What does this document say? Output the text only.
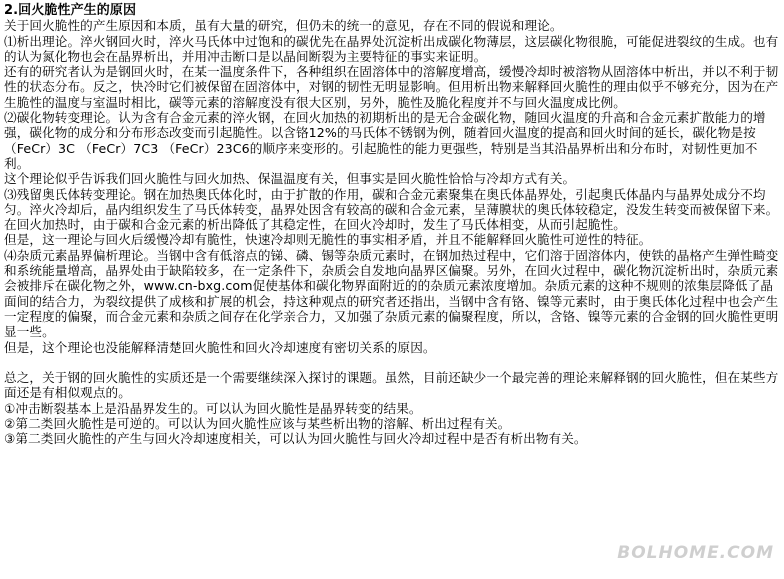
2.回火脆性产生的原因
关于回火脆性的产生原因和本质，虽有大量的研究，但仍未的统一的意见，存在不同的假说和理论。
⑴析出理论。淬火钢回火时，淬火马氏体中过饱和的碳优先在晶界处沉淀析出成碳化物薄层，这层碳化物很脆，可能促进裂纹的生成。也有的认为氮化物也会在晶界析出，并用冲击断口是以晶间断裂为主要特征的事实来证明。
还有的研究者认为是钢回火时，在某一温度条件下，各种组织在固溶体中的溶解度增高，缓慢冷却时被溶物从固溶体中析出，并以不利于韧性的状态分布。反之，快冷时它们被保留在固溶体中，对钢的韧性无明显影响。但用析出物来解释回火脆性的理由似乎不够充分，因为在产生脆性的温度与室温时相比，碳等元素的溶解度没有很大区别，另外，脆性及脆化程度并不与回火温度成比例。
⑵碳化物转变理论。认为含有合金元素的淬火钢，在回火加热的初期析出的是无合金碳化物，随回火温度的升高和合金元素扩散能力的增强，碳化物的成分和分布形态改变而引起脆性。以含铬12%的马氏体不锈钢为例，随着回火温度的提高和回火时间的延长，碳化物是按（FeCr）3C （FeCr）7C3 （FeCr）23C6的顺序来变形的。引起脆性的能力更强些，特别是当其沿晶界析出和分布时，对韧性更加不利。
这个理论似乎告诉我们回火脆性与回火加热、保温温度有关，但事实是回火脆性恰恰与冷却方式有关。
⑶残留奥氏体转变理论。钢在加热奥氏体化时，由于扩散的作用，碳和合金元素聚集在奥氏体晶界处，引起奥氏体晶内与晶界处成分不均匀。淬火冷却后，晶内组织发生了马氏体转变，晶界处因含有较高的碳和合金元素，呈薄膜状的奥氏体较稳定，没发生转变而被保留下来。在回火加热时，由于碳和合金元素的析出降低了其稳定性，在回火冷却时，发生了马氏体相变，从而引起脆性。
但是，这一理论与回火后缓慢冷却有脆性，快速冷却则无脆性的事实相矛盾，并且不能解释回火脆性可逆性的特征。
⑷杂质元素晶界偏析理论。当钢中含有低溶点的锑、磷、锡等杂质元素时，在钢加热过程中，它们溶于固溶体内，使铁的晶格产生弹性畸变和系统能量增高，晶界处由于缺陷较多，在一定条件下，杂质会自发地向晶界区偏聚。另外，在回火过程中，碳化物沉淀析出时，杂质元素会被排斥在碳化物之外，www.cn-bxg.com促使基体和碳化物界面附近的的杂质元素浓度增加。杂质元素的这种不规则的浓集层降低了晶面间的结合力，为裂纹提供了成核和扩展的机会，持这种观点的研究者还指出，当钢中含有铬、镍等元素时，由于奥氏体化过程中也会产生一定程度的偏聚，而合金元素和杂质之间存在化学亲合力，又加强了杂质元素的偏聚程度，所以，含铬、镍等元素的合金钢的回火脆性更明显一些。
但是，这个理论也没能解释清楚回火脆性和回火冷却速度有密切关系的原因。
总之，关于钢的回火脆性的实质还是一个需要继续深入探讨的课题。虽然，目前还缺少一个最完善的理论来解释钢的回火脆性，但在某些方面还是有相似观点的。
①冲击断裂基本上是沿晶界发生的。可以认为回火脆性是晶界转变的结果。
②第二类回火脆性是可逆的。可以认为回火脆性应该与某些析出物的溶解、析出过程有关。
③第二类回火脆性的产生与回火冷却速度相关，可以认为回火脆性与回火冷却过程中是否有析出物有关。
BOLHOME.COM
